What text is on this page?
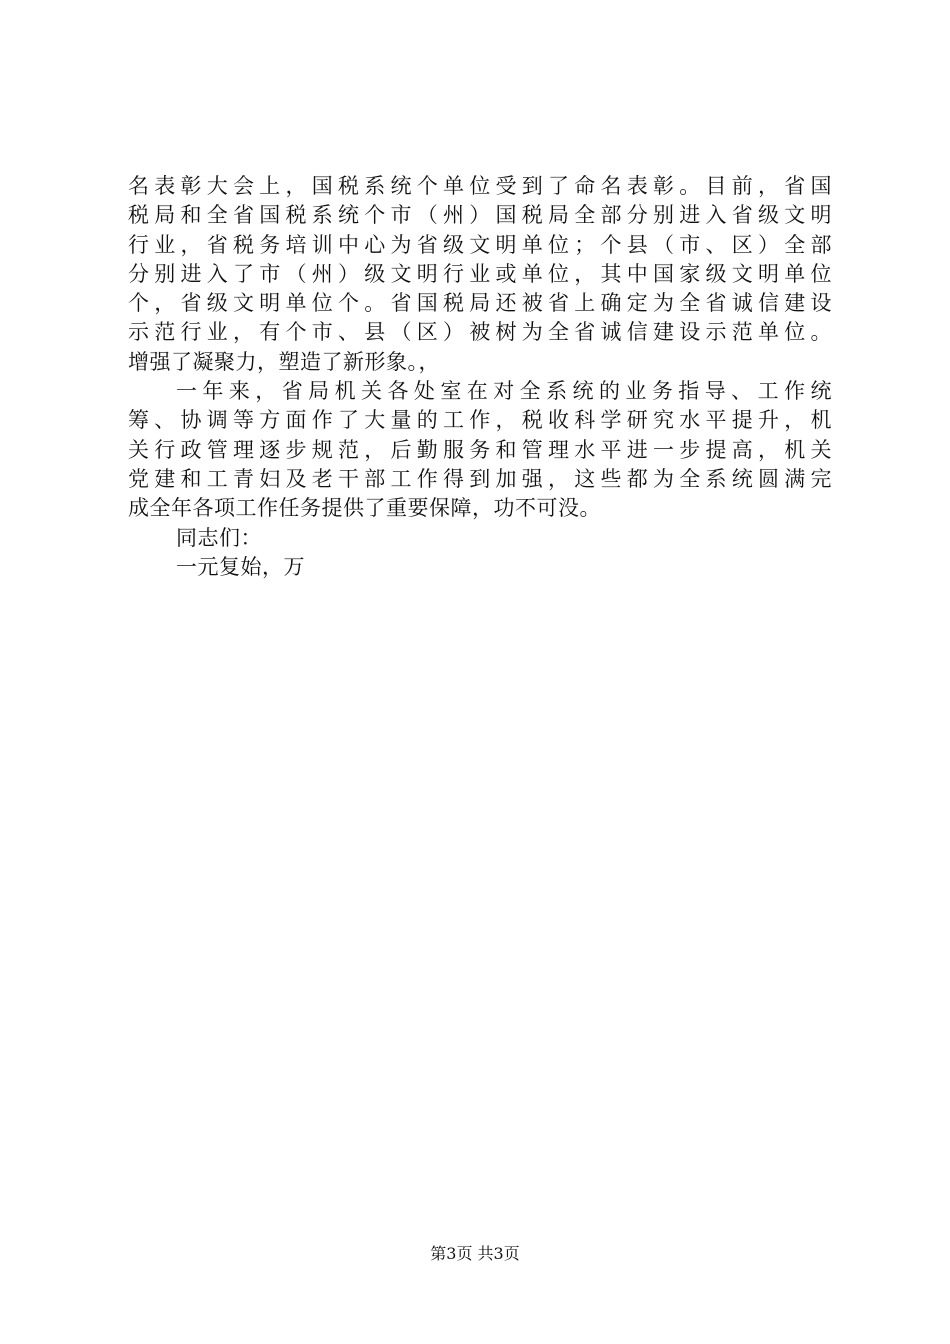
名表彰大会上，国税系统个单位受到了命名表彰。目前，省国
税局和全省国税系统个市（州）国税局全部分别进入省级文明
行业，省税务培训中心为省级文明单位；个县（市、区）全部
分别进入了市（州）级文明行业或单位，其中国家级文明单位
个，省级文明单位个。省国税局还被省上确定为全省诚信建设
示范行业，有个市、县（区）被树为全省诚信建设示范单位。
增强了凝聚力，塑造了新形象。，
一年来，省局机关各处室在对全系统的业务指导、工作统
筹、协调等方面作了大量的工作，税收科学研究水平提升，机
关行政管理逐步规范，后勤服务和管理水平进一步提高，机关
党建和工青妇及老干部工作得到加强，这些都为全系统圆满完
成全年各项工作任务提供了重要保障，功不可没。
同志们：
一元复始，万
第3页 共3页
